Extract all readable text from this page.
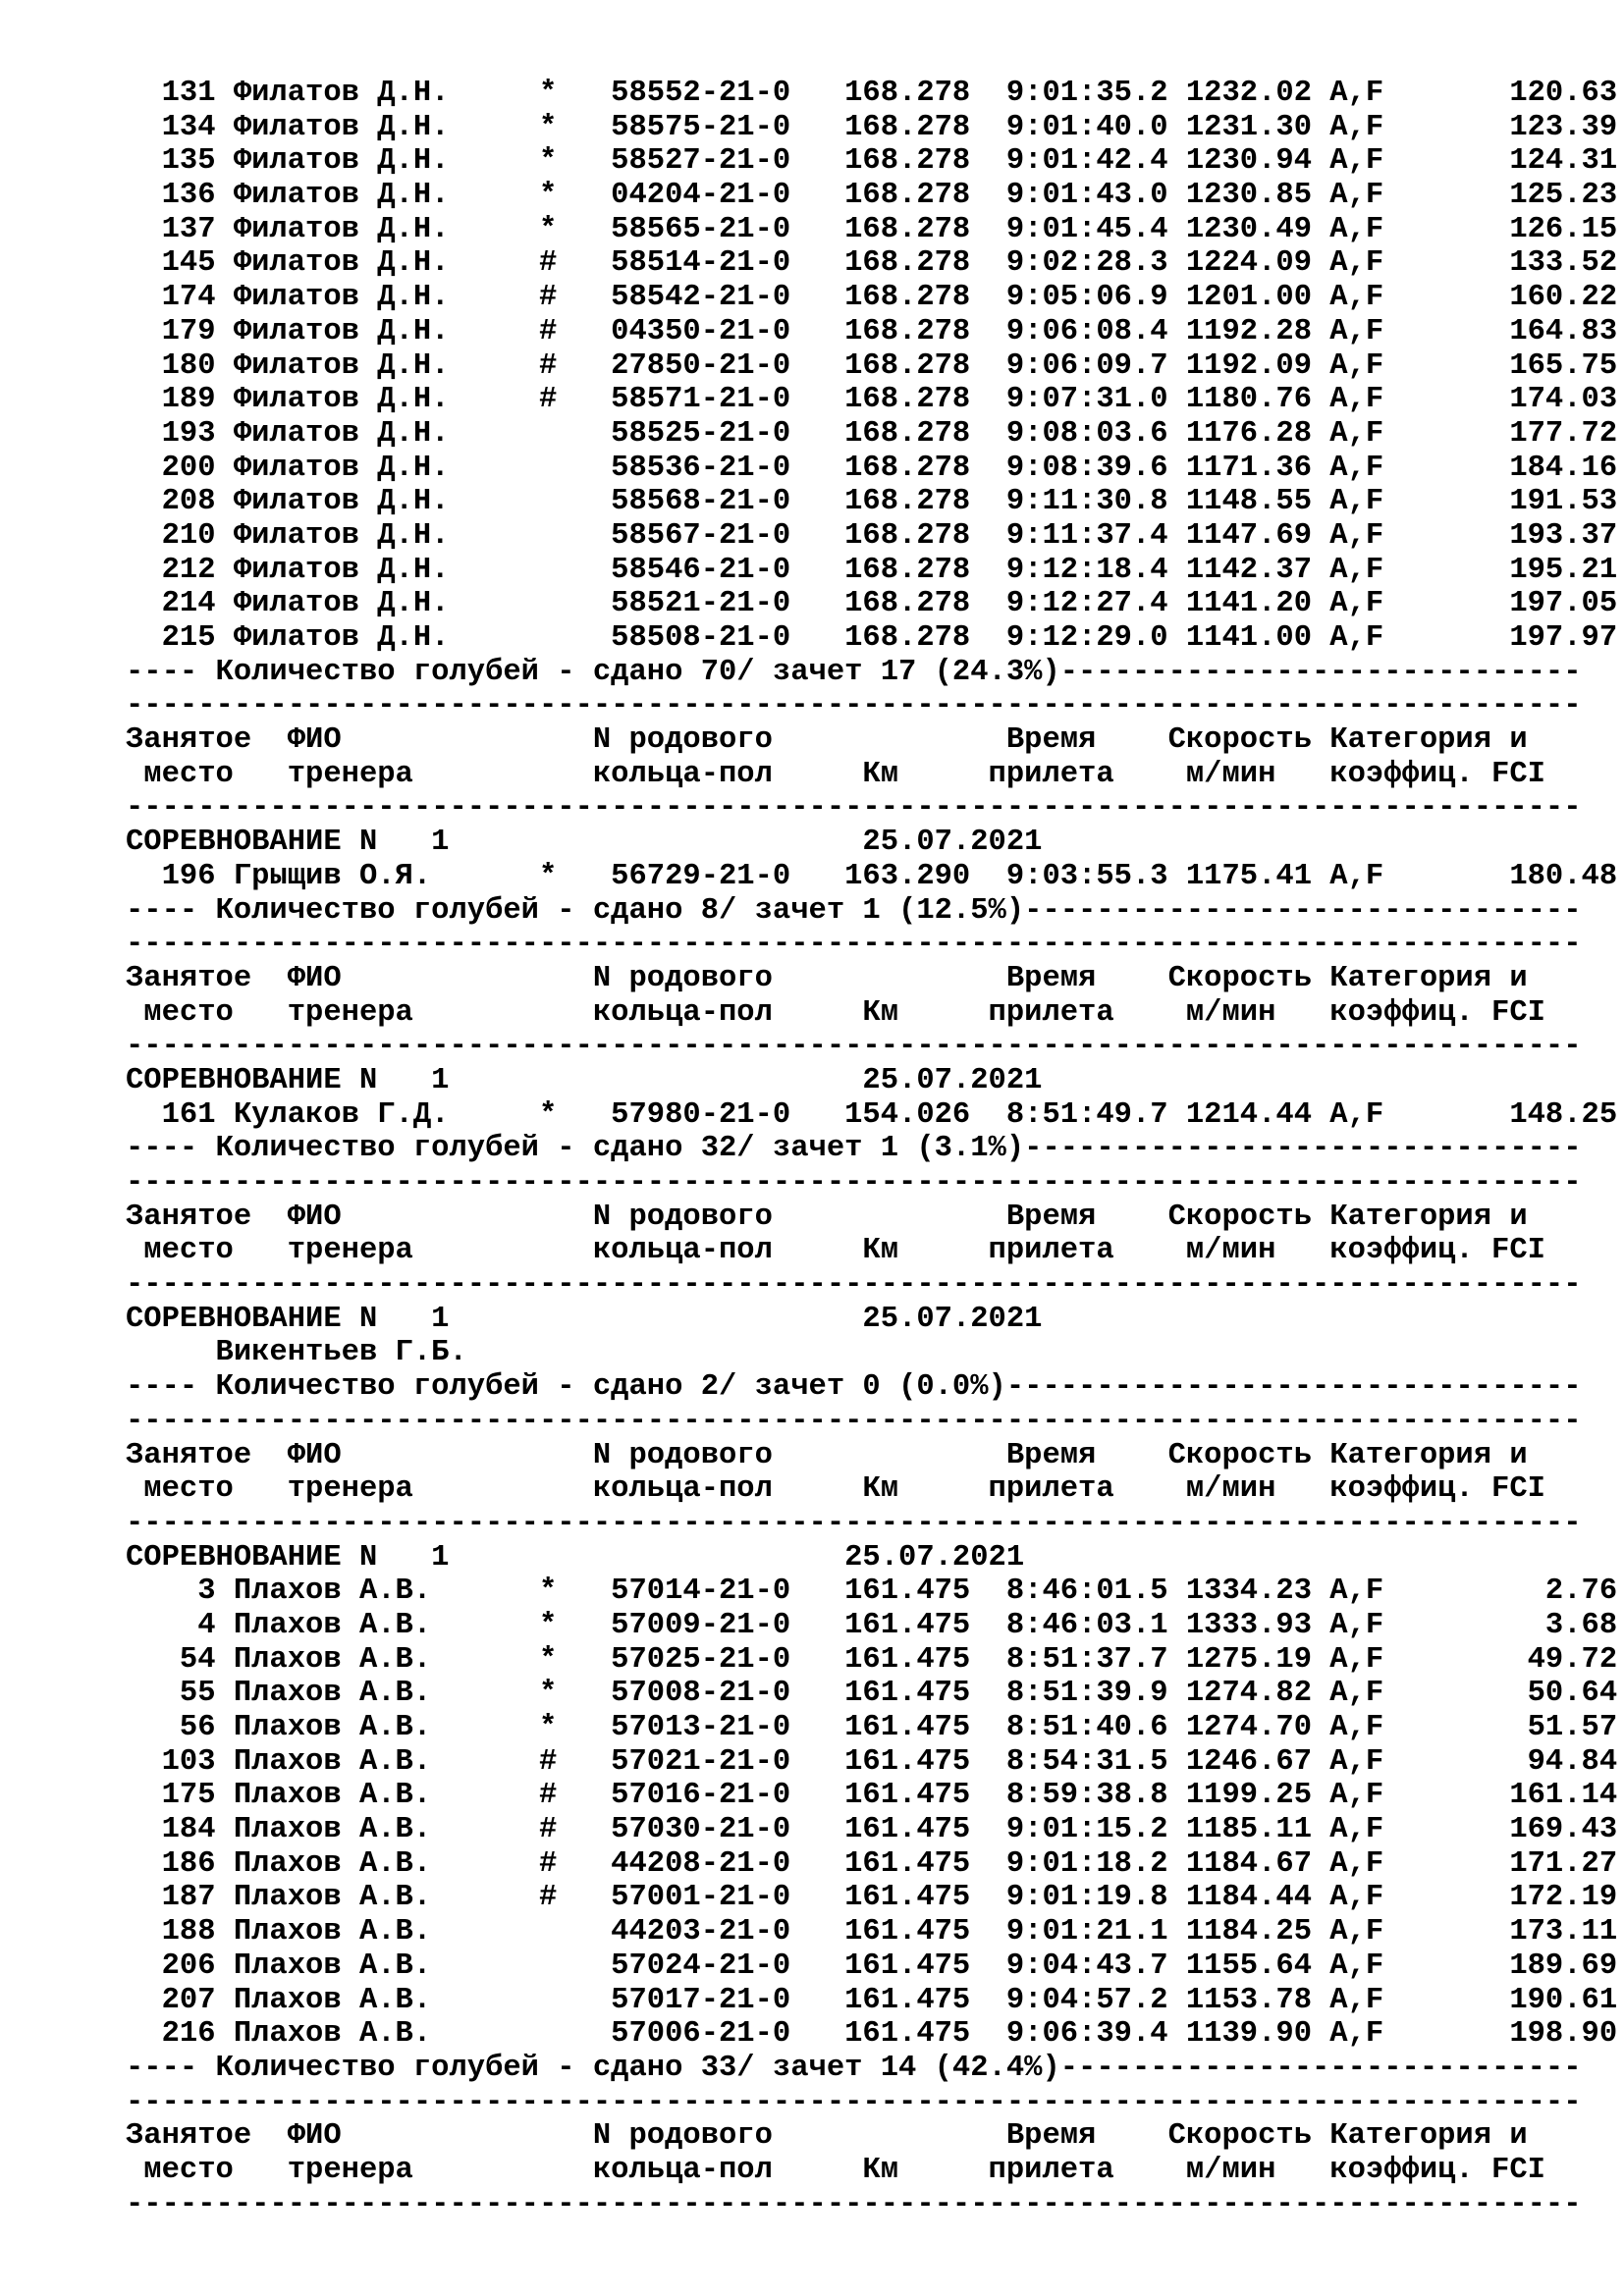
131 Филатов Д.Н.     *   58552-21-0   168.278  9:01:35.2 1232.02 A,F       120.63
134 Филатов Д.Н.     *   58575-21-0   168.278  9:01:40.0 1231.30 A,F       123.39
135 Филатов Д.Н.     *   58527-21-0   168.278  9:01:42.4 1230.94 A,F       124.31
136 Филатов Д.Н.     *   04204-21-0   168.278  9:01:43.0 1230.85 A,F       125.23
137 Филатов Д.Н.     *   58565-21-0   168.278  9:01:45.4 1230.49 A,F       126.15
145 Филатов Д.Н.     #   58514-21-0   168.278  9:02:28.3 1224.09 A,F       133.52
174 Филатов Д.Н.     #   58542-21-0   168.278  9:05:06.9 1201.00 A,F       160.22
179 Филатов Д.Н.     #   04350-21-0   168.278  9:06:08.4 1192.28 A,F       164.83
180 Филатов Д.Н.     #   27850-21-0   168.278  9:06:09.7 1192.09 A,F       165.75
189 Филатов Д.Н.     #   58571-21-0   168.278  9:07:31.0 1180.76 A,F       174.03
193 Филатов Д.Н.         58525-21-0   168.278  9:08:03.6 1176.28 A,F       177.72
200 Филатов Д.Н.         58536-21-0   168.278  9:08:39.6 1171.36 A,F       184.16
208 Филатов Д.Н.         58568-21-0   168.278  9:11:30.8 1148.55 A,F       191.53
210 Филатов Д.Н.         58567-21-0   168.278  9:11:37.4 1147.69 A,F       193.37
212 Филатов Д.Н.         58546-21-0   168.278  9:12:18.4 1142.37 A,F       195.21
214 Филатов Д.Н.         58521-21-0   168.278  9:12:27.4 1141.20 A,F       197.05
215 Филатов Д.Н.         58508-21-0   168.278  9:12:29.0 1141.00 A,F       197.97
---- Количество голубей - сдано 70/ зачет 17 (24.3%)-----------------------------
---------------------------------------------------------------------------------
Занятое  ФИО              N родового             Время    Скорость Категория и
место   тренера          кольца-пол     Км     прилета    м/мин   коэффиц. FCI
---------------------------------------------------------------------------------
СОРЕВНОВАНИЕ N   1                       25.07.2021
196 Грыщив О.Я.      *   56729-21-0   163.290  9:03:55.3 1175.41 A,F       180.48
---- Количество голубей - сдано 8/ зачет 1 (12.5%)-------------------------------
---------------------------------------------------------------------------------
Занятое  ФИО              N родового             Время    Скорость Категория и
место   тренера          кольца-пол     Км     прилета    м/мин   коэффиц. FCI
---------------------------------------------------------------------------------
СОРЕВНОВАНИЕ N   1                       25.07.2021
161 Кулаков Г.Д.     *   57980-21-0   154.026  8:51:49.7 1214.44 A,F       148.25
---- Количество голубей - сдано 32/ зачет 1 (3.1%)-------------------------------
---------------------------------------------------------------------------------
Занятое  ФИО              N родового             Время    Скорость Категория и
место   тренера          кольца-пол     Км     прилета    м/мин   коэффиц. FCI
---------------------------------------------------------------------------------
СОРЕВНОВАНИЕ N   1                       25.07.2021
Викентьев Г.Б.
---- Количество голубей - сдано 2/ зачет 0 (0.0%)--------------------------------
---------------------------------------------------------------------------------
Занятое  ФИО              N родового             Время    Скорость Категория и
место   тренера          кольца-пол     Км     прилета    м/мин   коэффиц. FCI
---------------------------------------------------------------------------------
СОРЕВНОВАНИЕ N   1                      25.07.2021
3 Плахов А.В.      *   57014-21-0   161.475  8:46:01.5 1334.23 A,F         2.76
4 Плахов А.В.      *   57009-21-0   161.475  8:46:03.1 1333.93 A,F         3.68
54 Плахов А.В.      *   57025-21-0   161.475  8:51:37.7 1275.19 A,F        49.72
55 Плахов А.В.      *   57008-21-0   161.475  8:51:39.9 1274.82 A,F        50.64
56 Плахов А.В.      *   57013-21-0   161.475  8:51:40.6 1274.70 A,F        51.57
103 Плахов А.В.      #   57021-21-0   161.475  8:54:31.5 1246.67 A,F        94.84
175 Плахов А.В.      #   57016-21-0   161.475  8:59:38.8 1199.25 A,F       161.14
184 Плахов А.В.      #   57030-21-0   161.475  9:01:15.2 1185.11 A,F       169.43
186 Плахов А.В.      #   44208-21-0   161.475  9:01:18.2 1184.67 A,F       171.27
187 Плахов А.В.      #   57001-21-0   161.475  9:01:19.8 1184.44 A,F       172.19
188 Плахов А.В.          44203-21-0   161.475  9:01:21.1 1184.25 A,F       173.11
206 Плахов А.В.          57024-21-0   161.475  9:04:43.7 1155.64 A,F       189.69
207 Плахов А.В.          57017-21-0   161.475  9:04:57.2 1153.78 A,F       190.61
216 Плахов А.В.          57006-21-0   161.475  9:06:39.4 1139.90 A,F       198.90
---- Количество голубей - сдано 33/ зачет 14 (42.4%)-----------------------------
---------------------------------------------------------------------------------
Занятое  ФИО              N родового             Время    Скорость Категория и
место   тренера          кольца-пол     Км     прилета    м/мин   коэффиц. FCI
---------------------------------------------------------------------------------
